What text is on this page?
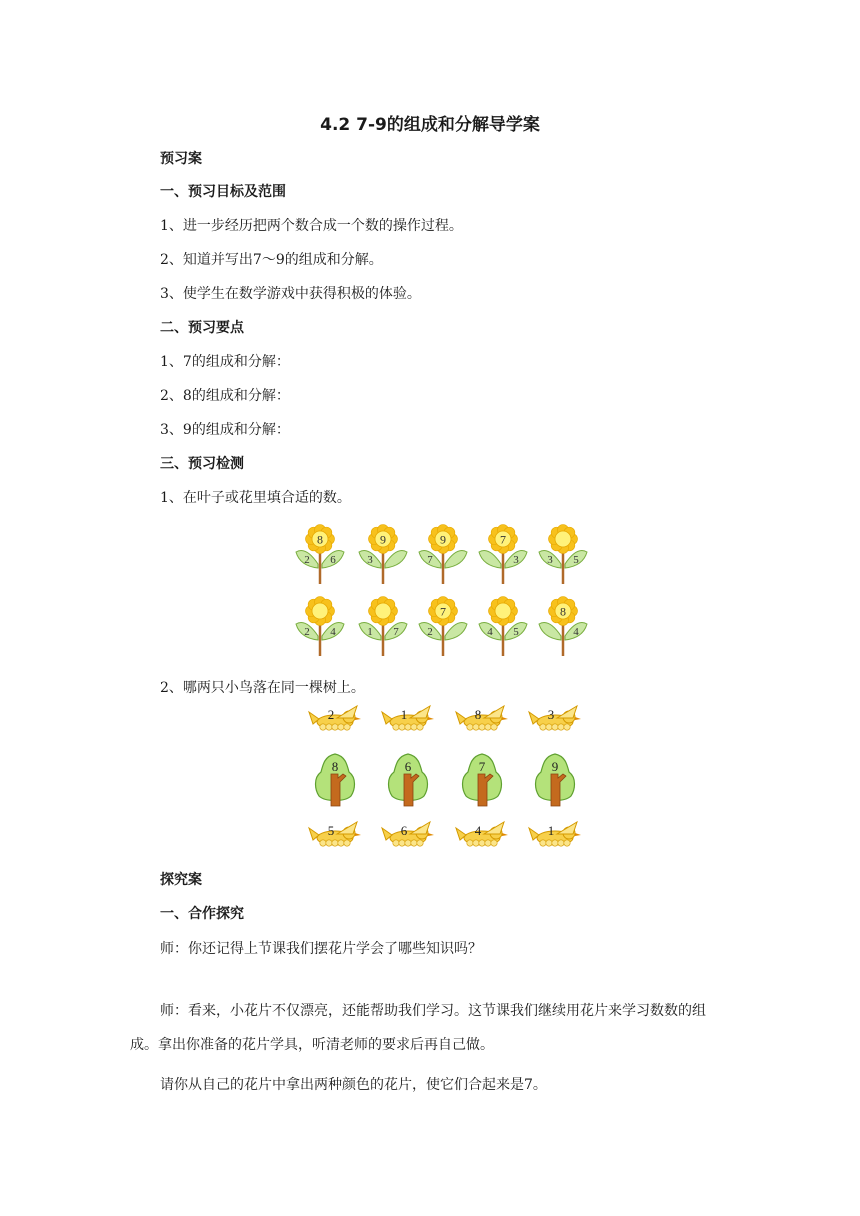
4.2 7-9的组成和分解导学案
预习案
一、预习目标及范围
1、进一步经历把两个数合成一个数的操作过程。
2、知道并写出7～9的组成和分解。
3、使学生在数学游戏中获得积极的体验。
二、预习要点
1、7的组成和分解：
2、8的组成和分解：
3、9的组成和分解：
三、预习检测
1、在叶子或花里填合适的数。
8
2 6
9
3
9
7
7
3	3 5
2 4	1 7
7
2	4 5
8
4
2、哪两只小鸟落在同一棵树上。
2	1	8	3
8	6	7	9
5	6	4	1
探究案
一、合作探究
师：你还记得上节课我们摆花片学会了哪些知识吗？
师：看来，小花片不仅漂亮，还能帮助我们学习。这节课我们继续用花片来学习数数的组成。拿出你准备的花片学具，听清老师的要求后再自己做。
请你从自己的花片中拿出两种颜色的花片，使它们合起来是7。
